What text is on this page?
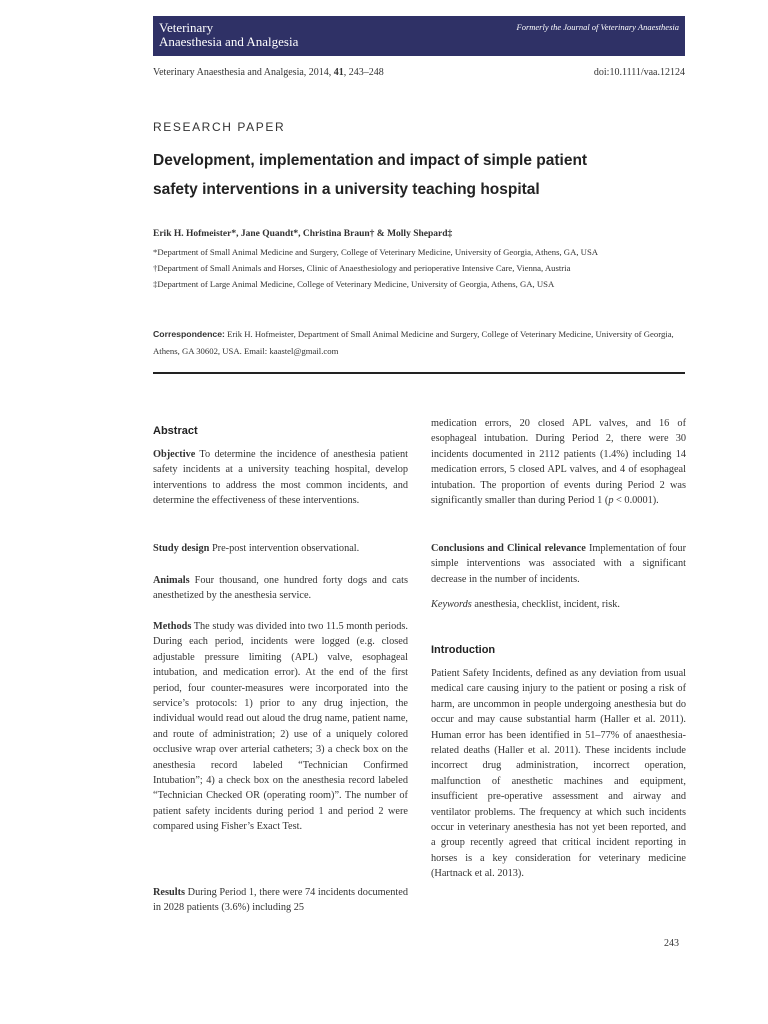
Veterinary
Anaesthesia and Analgesia
Formerly the Journal of Veterinary Anaesthesia
Veterinary Anaesthesia and Analgesia, 2014, 41, 243–248	doi:10.1111/vaa.12124
RESEARCH PAPER
Development, implementation and impact of simple patient
safety interventions in a university teaching hospital
Erik H. Hofmeister*, Jane Quandt*, Christina Braun† & Molly Shepard‡
*Department of Small Animal Medicine and Surgery, College of Veterinary Medicine, University of Georgia, Athens, GA, USA
†Department of Small Animals and Horses, Clinic of Anaesthesiology and perioperative Intensive Care, Vienna, Austria
‡Department of Large Animal Medicine, College of Veterinary Medicine, University of Georgia, Athens, GA, USA
Correspondence: Erik H. Hofmeister, Department of Small Animal Medicine and Surgery, College of Veterinary Medicine, University of Georgia, Athens, GA 30602, USA. Email: kaastel@gmail.com
Abstract
Objective To determine the incidence of anesthesia patient safety incidents at a university teaching hospital, develop interventions to address the most common incidents, and determine the effectiveness of these interventions.
Study design Pre-post intervention observational.
Animals Four thousand, one hundred forty dogs and cats anesthetized by the anesthesia service.
Methods The study was divided into two 11.5 month periods. During each period, incidents were logged (e.g. closed adjustable pressure limiting (APL) valve, esophageal intubation, and medication error). At the end of the first period, four counter-measures were incorporated into the service’s protocols: 1) prior to any drug injection, the individual would read out aloud the drug name, patient name, and route of administration; 2) use of a uniquely colored occlusive wrap over arterial catheters; 3) a check box on the anesthesia record labeled “Technician Confirmed Intubation”; 4) a check box on the anesthesia record labeled “Technician Checked OR (operating room)”. The number of patient safety incidents during period 1 and period 2 were compared using Fisher’s Exact Test.
Results During Period 1, there were 74 incidents documented in 2028 patients (3.6%) including 25
medication errors, 20 closed APL valves, and 16 of esophageal intubation. During Period 2, there were 30 incidents documented in 2112 patients (1.4%) including 14 medication errors, 5 closed APL valves, and 4 of esophageal intubation. The proportion of events during Period 2 was significantly smaller than during Period 1 (p < 0.0001).
Conclusions and Clinical relevance Implementation of four simple interventions was associated with a significant decrease in the number of incidents.
Keywords anesthesia, checklist, incident, risk.
Introduction
Patient Safety Incidents, defined as any deviation from usual medical care causing injury to the patient or posing a risk of harm, are uncommon in people undergoing anesthesia but do occur and may cause substantial harm (Haller et al. 2011). Human error has been identified in 51–77% of anaesthesia-related deaths (Haller et al. 2011). These incidents include incorrect drug administration, incorrect operation, malfunction of anesthetic machines and equipment, insufficient pre-operative assessment and airway and ventilator problems. The frequency at which such incidents occur in veterinary anesthesia has not yet been reported, and a group recently agreed that critical incident reporting in horses is a key consideration for veterinary medicine (Hartnack et al. 2013).
243
